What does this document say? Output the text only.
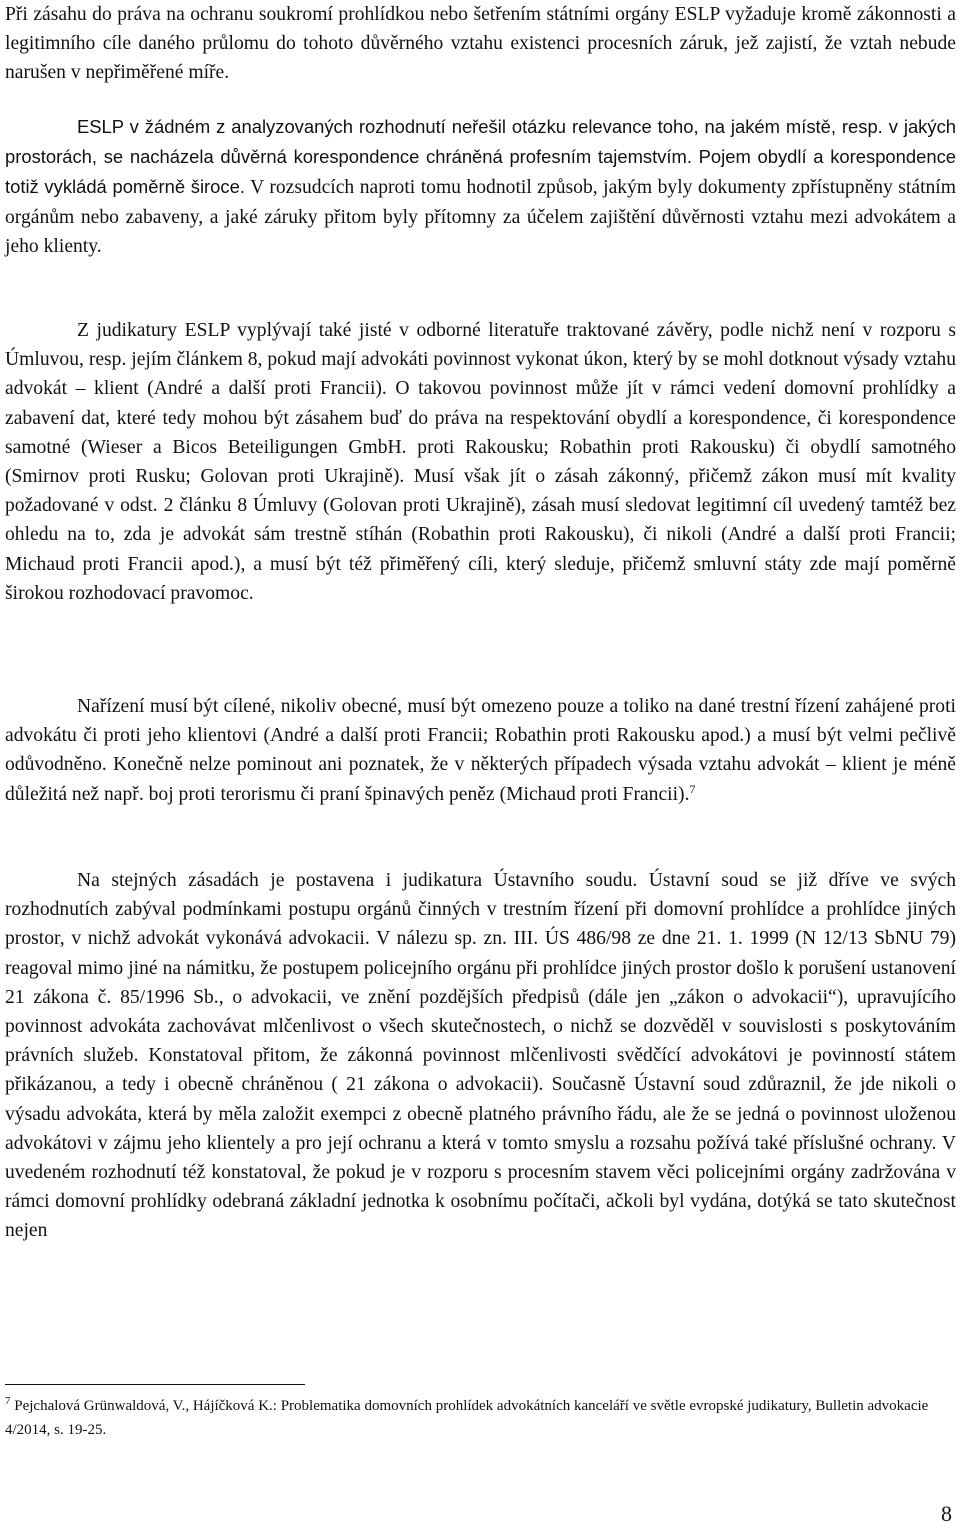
Při zásahu do práva na ochranu soukromí prohlídkou nebo šetřením státními orgány ESLP vyžaduje kromě zákonnosti a legitimního cíle daného průlomu do tohoto důvěrného vztahu existenci procesních záruk, jež zajistí, že vztah nebude narušen v nepřiměřené míře.

ESLP v žádném z analyzovaných rozhodnutí neřešil otázku relevance toho, na jakém místě, resp. v jakých prostorách, se nacházela důvěrná korespondence chráněná profesním tajemstvím. Pojem obydlí a korespondence totiž vykládá poměrně široce. V rozsudcích naproti tomu hodnotil způsob, jakým byly dokumenty zpřístupněny státním orgánům nebo zabaveny, a jaké záruky přitom byly přítomny za účelem zajištění důvěrnosti vztahu mezi advokátem a jeho klienty.

Z judikatury ESLP vyplývají také jisté v odborné literatuře traktované závěry, podle nichž není v rozporu s Úmluvou, resp. jejím článkem 8, pokud mají advokáti povinnost vykonat úkon, který by se mohl dotknout výsady vztahu advokát – klient (André a další proti Francii). O takovou povinnost může jít v rámci vedení domovní prohlídky a zabavení dat, které tedy mohou být zásahem buď do práva na respektování obydlí a korespondence, či korespondence samotné (Wieser a Bicos Beteiligungen GmbH. proti Rakousku; Robathin proti Rakousku) či obydlí samotného (Smirnov proti Rusku; Golovan proti Ukrajině). Musí však jít o zásah zákonný, přičemž zákon musí mít kvality požadované v odst. 2 článku 8 Úmluvy (Golovan proti Ukrajině), zásah musí sledovat legitimní cíl uvedený tamtéž bez ohledu na to, zda je advokát sám trestně stíhán (Robathin proti Rakousku), či nikoli (André a další proti Francii; Michaud proti Francii apod.), a musí být též přiměřený cíli, který sleduje, přičemž smluvní státy zde mají poměrně širokou rozhodovací pravomoc.

Nařízení musí být cílené, nikoliv obecné, musí být omezeno pouze a toliko na dané trestní řízení zahájené proti advokátu či proti jeho klientovi (André a další proti Francii; Robathin proti Rakousku apod.) a musí být velmi pečlivě odůvodněno. Konečně nelze pominout ani poznatek, že v některých případech výsada vztahu advokát – klient je méně důležitá než např. boj proti terorismu či praní špinavých peněz (Michaud proti Francii).$^7$

Na stejných zásadách je postavena i judikatura Ústavního soudu. Ústavní soud se již dříve ve svých rozhodnutích zabýval podmínkami postupu orgánů činných v trestním řízení při domovní prohlídce a prohlídce jiných prostor, v nichž advokát vykonává advokacii. V nálezu sp. zn. III. ÚS 486/98 ze dne 21. 1. 1999 (N 12/13 SbNU 79) reagoval mimo jiné na námitku, že postupem policejního orgánu při prohlídce jiných prostor došlo k porušení ustanovení 21 zákona č. 85/1996 Sb., o advokacii, ve znění pozdějších předpisů (dále jen „zákon o advokacii“), upravujícího povinnost advokáta zachovávat mlčenlivost o všech skutečnostech, o nichž se dozvěděl v souvislosti s poskytováním právních služeb. Konstatoval přitom, že zákonná povinnost mlčenlivosti svědčící advokátovi je povinností státem přikázanou, a tedy i obecně chráněnou ( 21 zákona o advokacii). Současně Ústavní soud zdůraznil, že jde nikoli o výsadu advokáta, která by měla založit exempci z obecně platného právního řádu, ale že se jedná o povinnost uloženou advokátovi v zájmu jeho klientely a pro její ochranu a která v tomto smyslu a rozsahu požívá také příslušné ochrany. V uvedeném rozhodnutí též konstatoval, že pokud je v rozporu s procesním stavem věci policejními orgány zadržována v rámci domovní prohlídky odebraná základní jednotka k osobnímu počítači, ačkoli byl vydána, dotýká se tato skutečnost nejen

$^7$ Pejchalová Grünwaldová, V., Hájíčková K.: Problematika domovních prohlídek advokátních kanceláří ve světle evropské judikatury, Bulletin advokacie 4/2014, s. 19-25.

8
